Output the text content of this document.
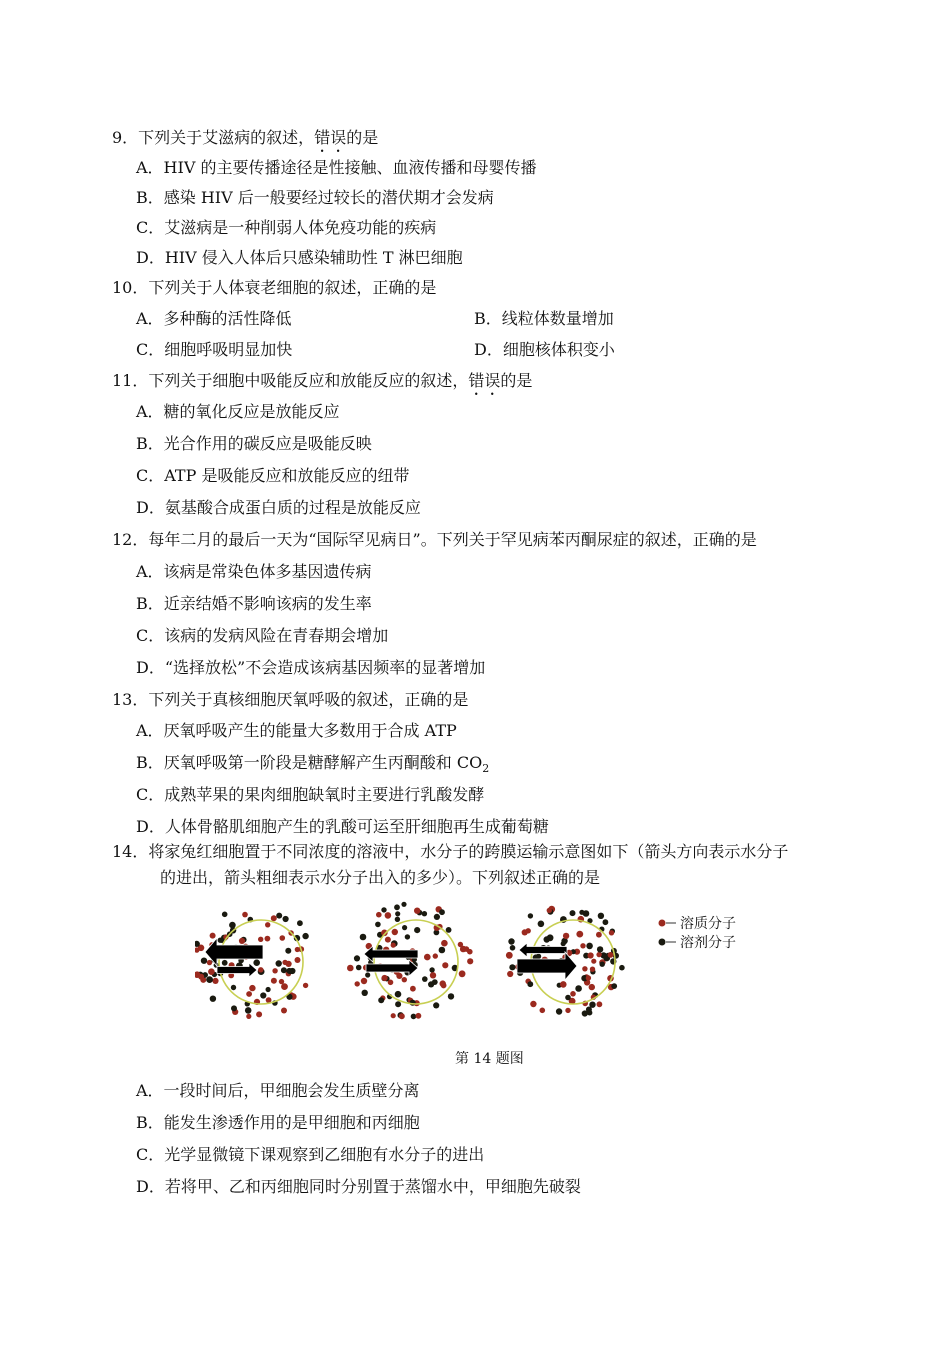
9．下列关于艾滋病的叙述，错误的是
A．HIV 的主要传播途径是性接触、血液传播和母婴传播
B．感染 HIV 后一般要经过较长的潜伏期才会发病
C．艾滋病是一种削弱人体免疫功能的疾病
D．HIV 侵入人体后只感染辅助性 T 淋巴细胞
10．下列关于人体衰老细胞的叙述，正确的是
A．多种酶的活性降低	B．线粒体数量增加
C．细胞呼吸明显加快	D．细胞核体积变小
11．下列关于细胞中吸能反应和放能反应的叙述，错误的是
A．糖的氧化反应是放能反应
B．光合作用的碳反应是吸能反映
C．ATP 是吸能反应和放能反应的纽带
D．氨基酸合成蛋白质的过程是放能反应
12．每年二月的最后一天为“国际罕见病日”。下列关于罕见病苯丙酮尿症的叙述，正确的是
A．该病是常染色体多基因遗传病
B．近亲结婚不影响该病的发生率
C．该病的发病风险在青春期会增加
D．“选择放松”不会造成该病基因频率的显著增加
13．下列关于真核细胞厌氧呼吸的叙述，正确的是
A．厌氧呼吸产生的能量大多数用于合成 ATP
B．厌氧呼吸第一阶段是糖酵解产生丙酮酸和 $CO_2$
C．成熟苹果的果肉细胞缺氧时主要进行乳酸发酵
D．人体骨骼肌细胞产生的乳酸可运至肝细胞再生成葡萄糖
14．将家兔红细胞置于不同浓度的溶液中，水分子的跨膜运输示意图如下（箭头方向表示水分子
的进出，箭头粗细表示水分子出入的多少）。下列叙述正确的是
溶质分子
溶剂分子
第 14 题图
A．一段时间后，甲细胞会发生质壁分离
B．能发生渗透作用的是甲细胞和丙细胞
C．光学显微镜下课观察到乙细胞有水分子的进出
D．若将甲、乙和丙细胞同时分别置于蒸馏水中，甲细胞先破裂
